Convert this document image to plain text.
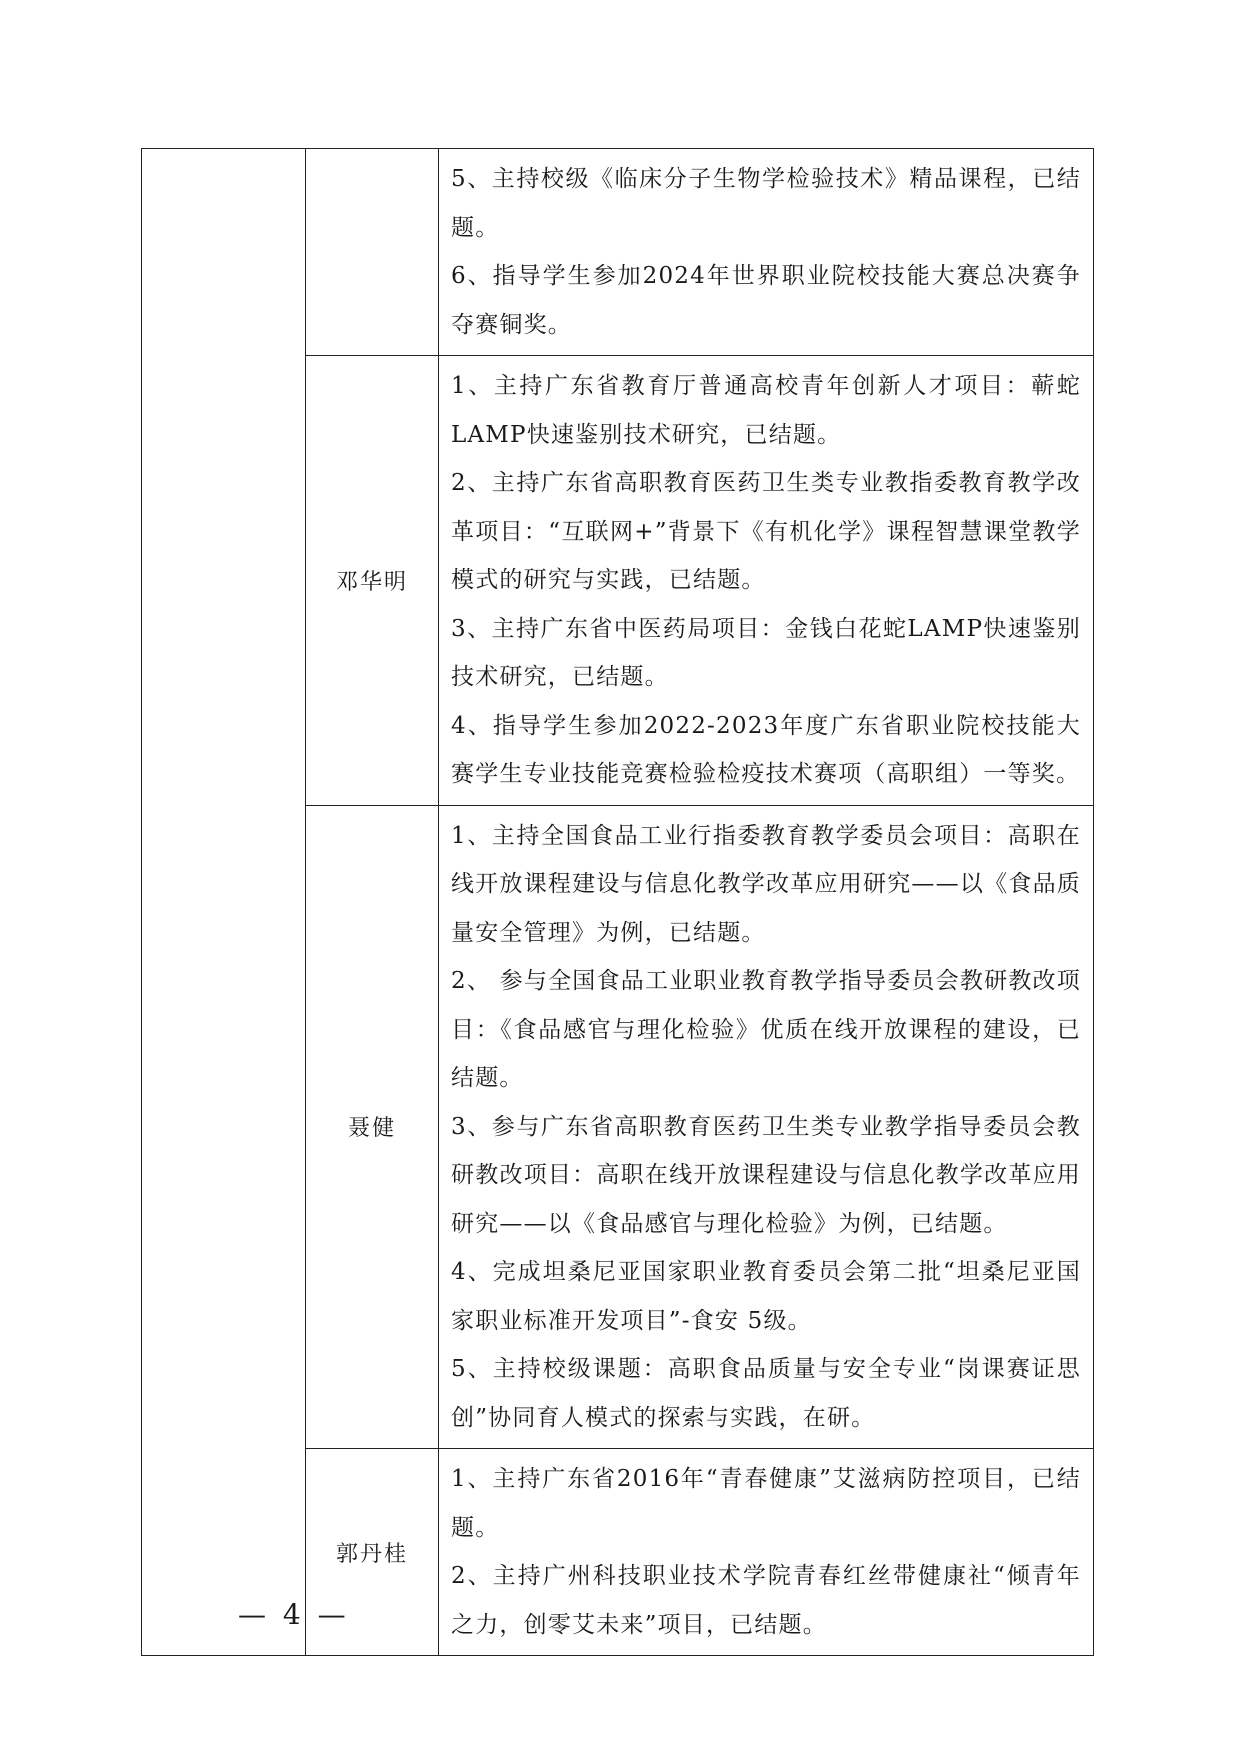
		5、主持校级《临床分子生物学检验技术》精品课程，已结题。

6、指导学生参加2024年世界职业院校技能大赛总决赛争夺赛铜奖。

	邓华明	1、主持广东省教育厅普通高校青年创新人才项目：蕲蛇LAMP快速鉴别技术研究，已结题。

2、主持广东省高职教育医药卫生类专业教指委教育教学改革项目：“互联网+”背景下《有机化学》课程智慧课堂教学模式的研究与实践，已结题。

3、主持广东省中医药局项目：金钱白花蛇LAMP快速鉴别技术研究，已结题。

4、指导学生参加2022-2023年度广东省职业院校技能大赛学生专业技能竞赛检验检疫技术赛项（高职组）一等奖。

	聂健	1、主持全国食品工业行指委教育教学委员会项目：高职在线开放课程建设与信息化教学改革应用研究——以《食品质量安全管理》为例，已结题。

2、 参与全国食品工业职业教育教学指导委员会教研教改项目：《食品感官与理化检验》优质在线开放课程的建设，已结题。

3、参与广东省高职教育医药卫生类专业教学指导委员会教研教改项目：高职在线开放课程建设与信息化教学改革应用研究——以《食品感官与理化检验》为例，已结题。

4、完成坦桑尼亚国家职业教育委员会第二批“坦桑尼亚国家职业标准开发项目”-食安 5级。

5、主持校级课题：高职食品质量与安全专业“岗课赛证思创”协同育人模式的探索与实践，在研。

	郭丹桂	1、主持广东省2016年“青春健康”艾滋病防控项目，已结题。

2、主持广州科技职业技术学院青春红丝带健康社“倾青年之力，创零艾未来”项目，已结题。

— 4 —
